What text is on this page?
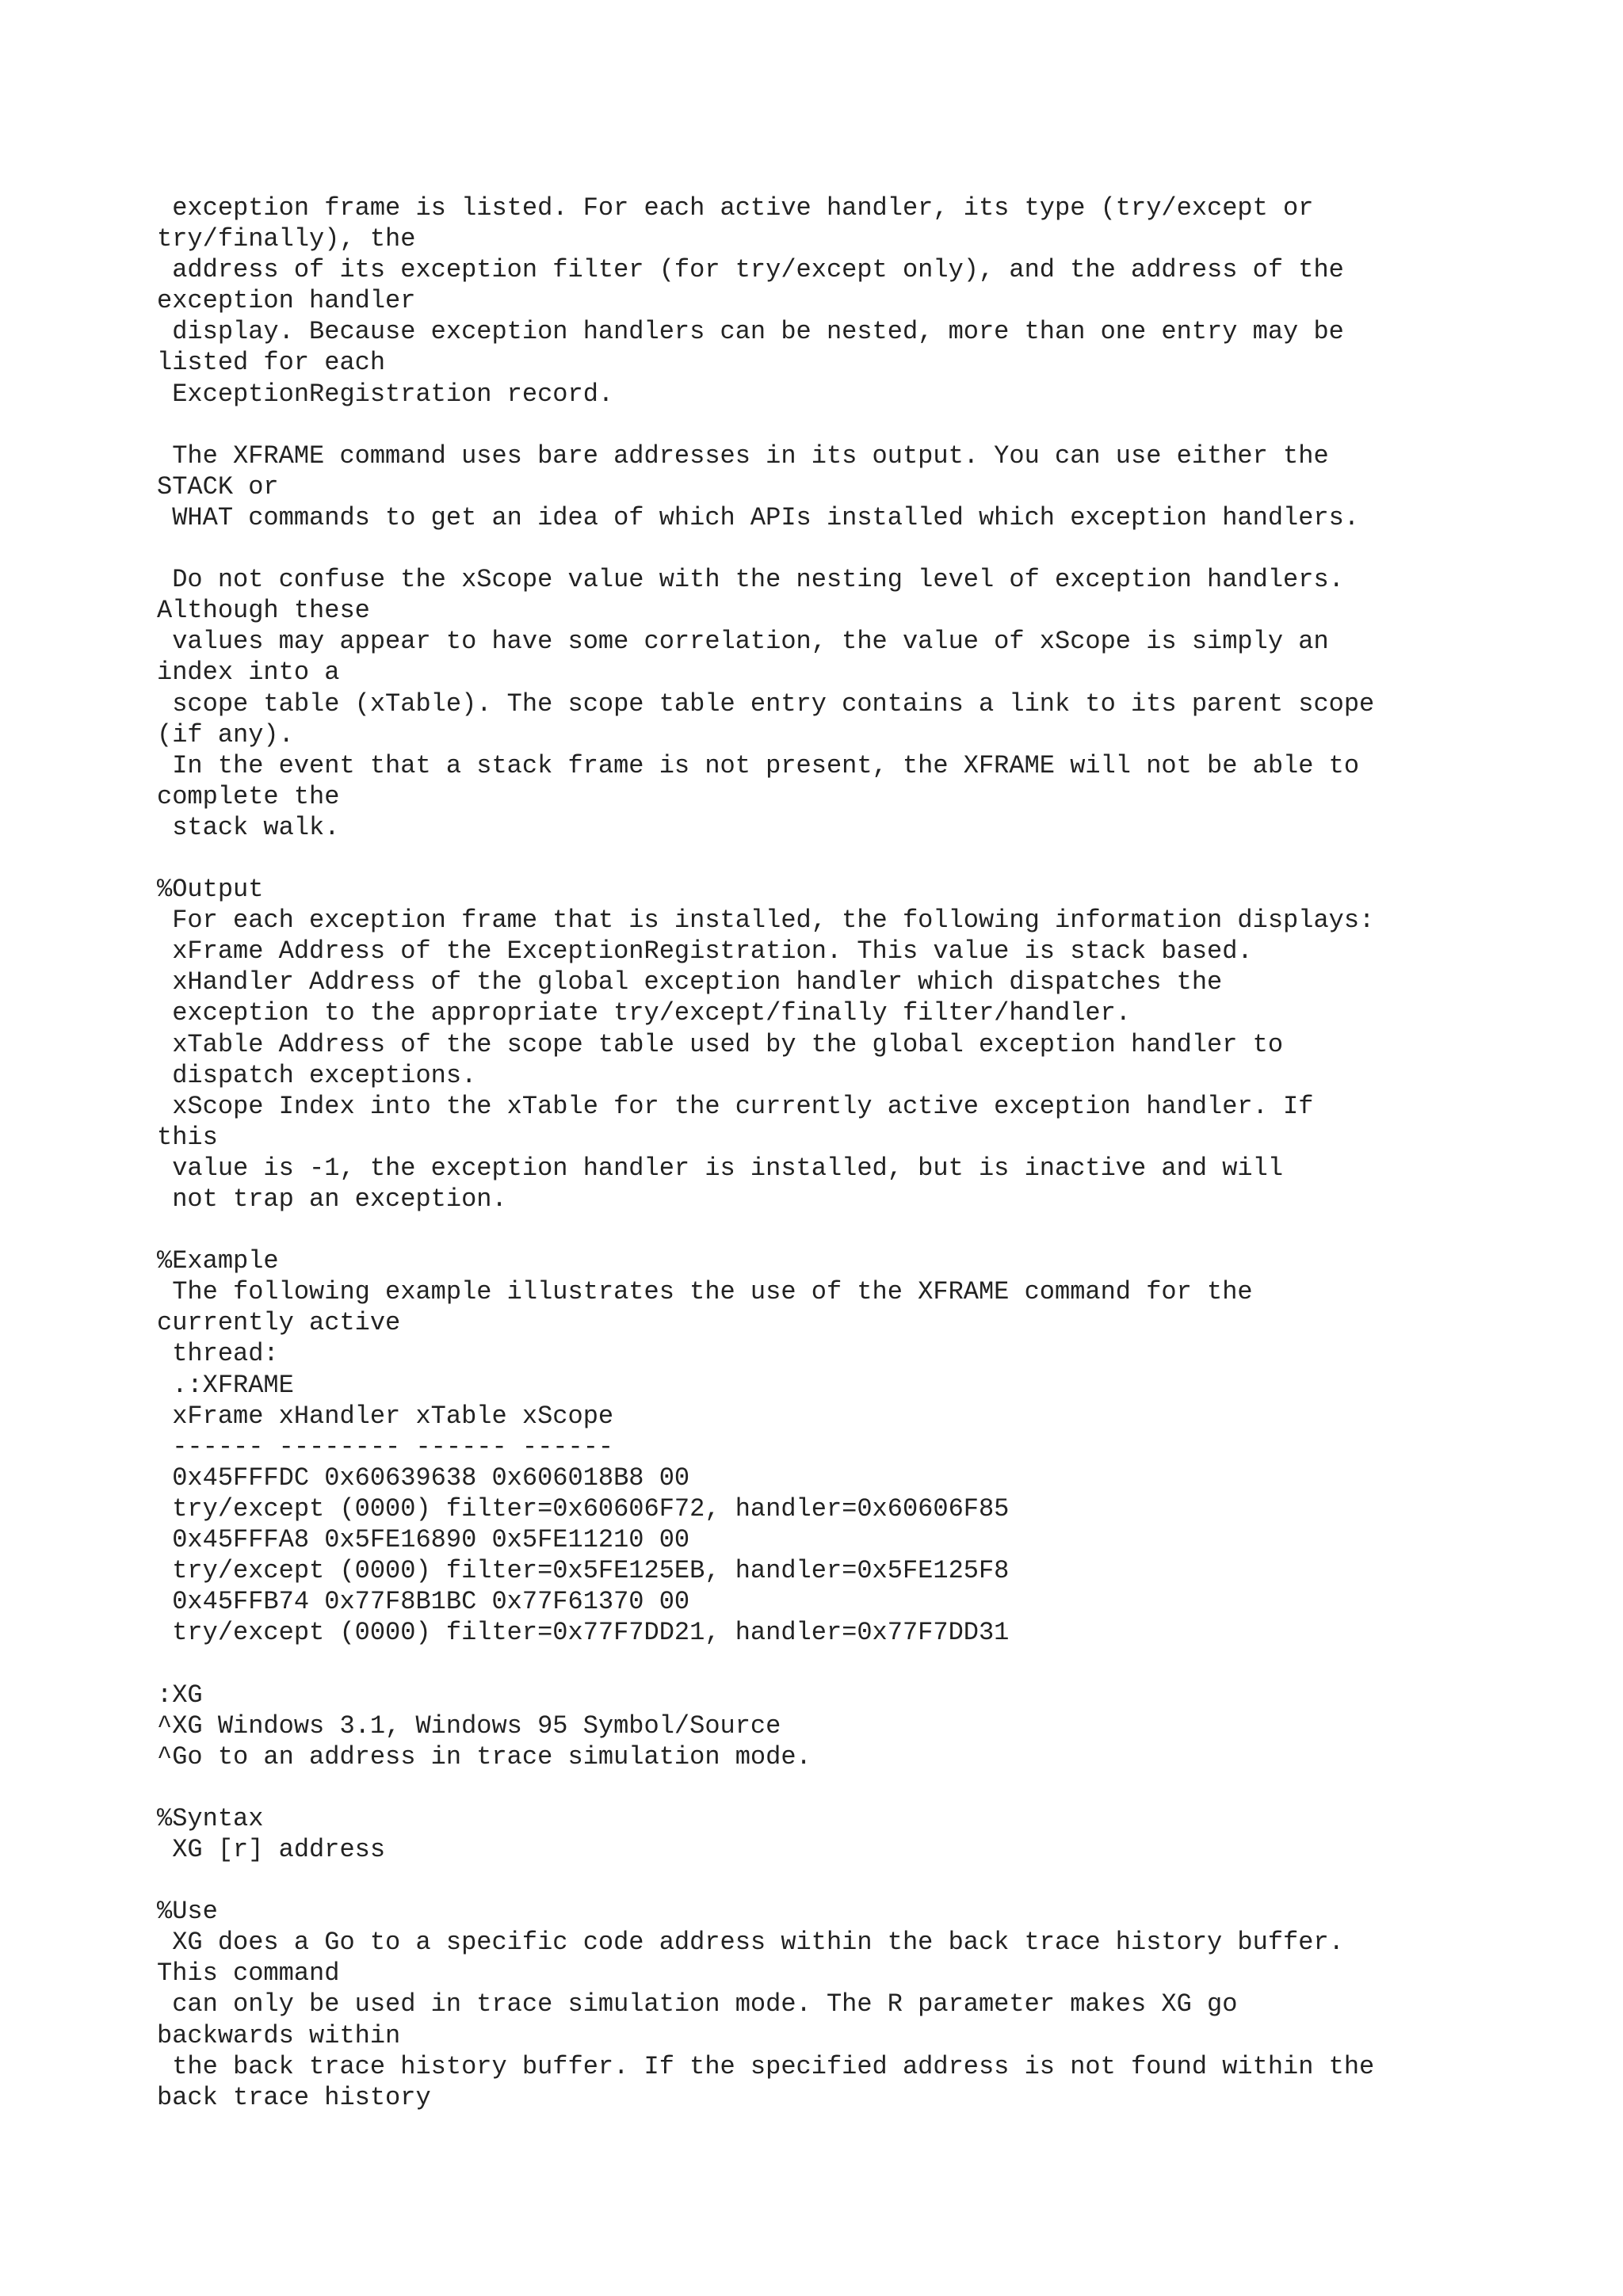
exception frame is listed. For each active handler, its type (try/except or
try/finally), the
address of its exception filter (for try/except only), and the address of the
exception handler
display. Because exception handlers can be nested, more than one entry may be
listed for each
ExceptionRegistration record.

The XFRAME command uses bare addresses in its output. You can use either the
STACK or
WHAT commands to get an idea of which APIs installed which exception handlers.

Do not confuse the xScope value with the nesting level of exception handlers.
Although these
values may appear to have some correlation, the value of xScope is simply an
index into a
scope table (xTable). The scope table entry contains a link to its parent scope
(if any).
In the event that a stack frame is not present, the XFRAME will not be able to
complete the
stack walk.

%Output
For each exception frame that is installed, the following information displays:
xFrame Address of the ExceptionRegistration. This value is stack based.
xHandler Address of the global exception handler which dispatches the
exception to the appropriate try/except/finally filter/handler.
xTable Address of the scope table used by the global exception handler to
dispatch exceptions.
xScope Index into the xTable for the currently active exception handler. If
this
value is -1, the exception handler is installed, but is inactive and will
not trap an exception.

%Example
The following example illustrates the use of the XFRAME command for the
currently active
thread:
.:XFRAME
xFrame xHandler xTable xScope
------ -------- ------ ------
0x45FFFDC 0x60639638 0x606018B8 00
try/except (0000) filter=0x60606F72, handler=0x60606F85
0x45FFFA8 0x5FE16890 0x5FE11210 00
try/except (0000) filter=0x5FE125EB, handler=0x5FE125F8
0x45FFB74 0x77F8B1BC 0x77F61370 00
try/except (0000) filter=0x77F7DD21, handler=0x77F7DD31

:XG
^XG Windows 3.1, Windows 95 Symbol/Source
^Go to an address in trace simulation mode.

%Syntax
XG [r] address

%Use
XG does a Go to a specific code address within the back trace history buffer.
This command
can only be used in trace simulation mode. The R parameter makes XG go
backwards within
the back trace history buffer. If the specified address is not found within the
back trace history
